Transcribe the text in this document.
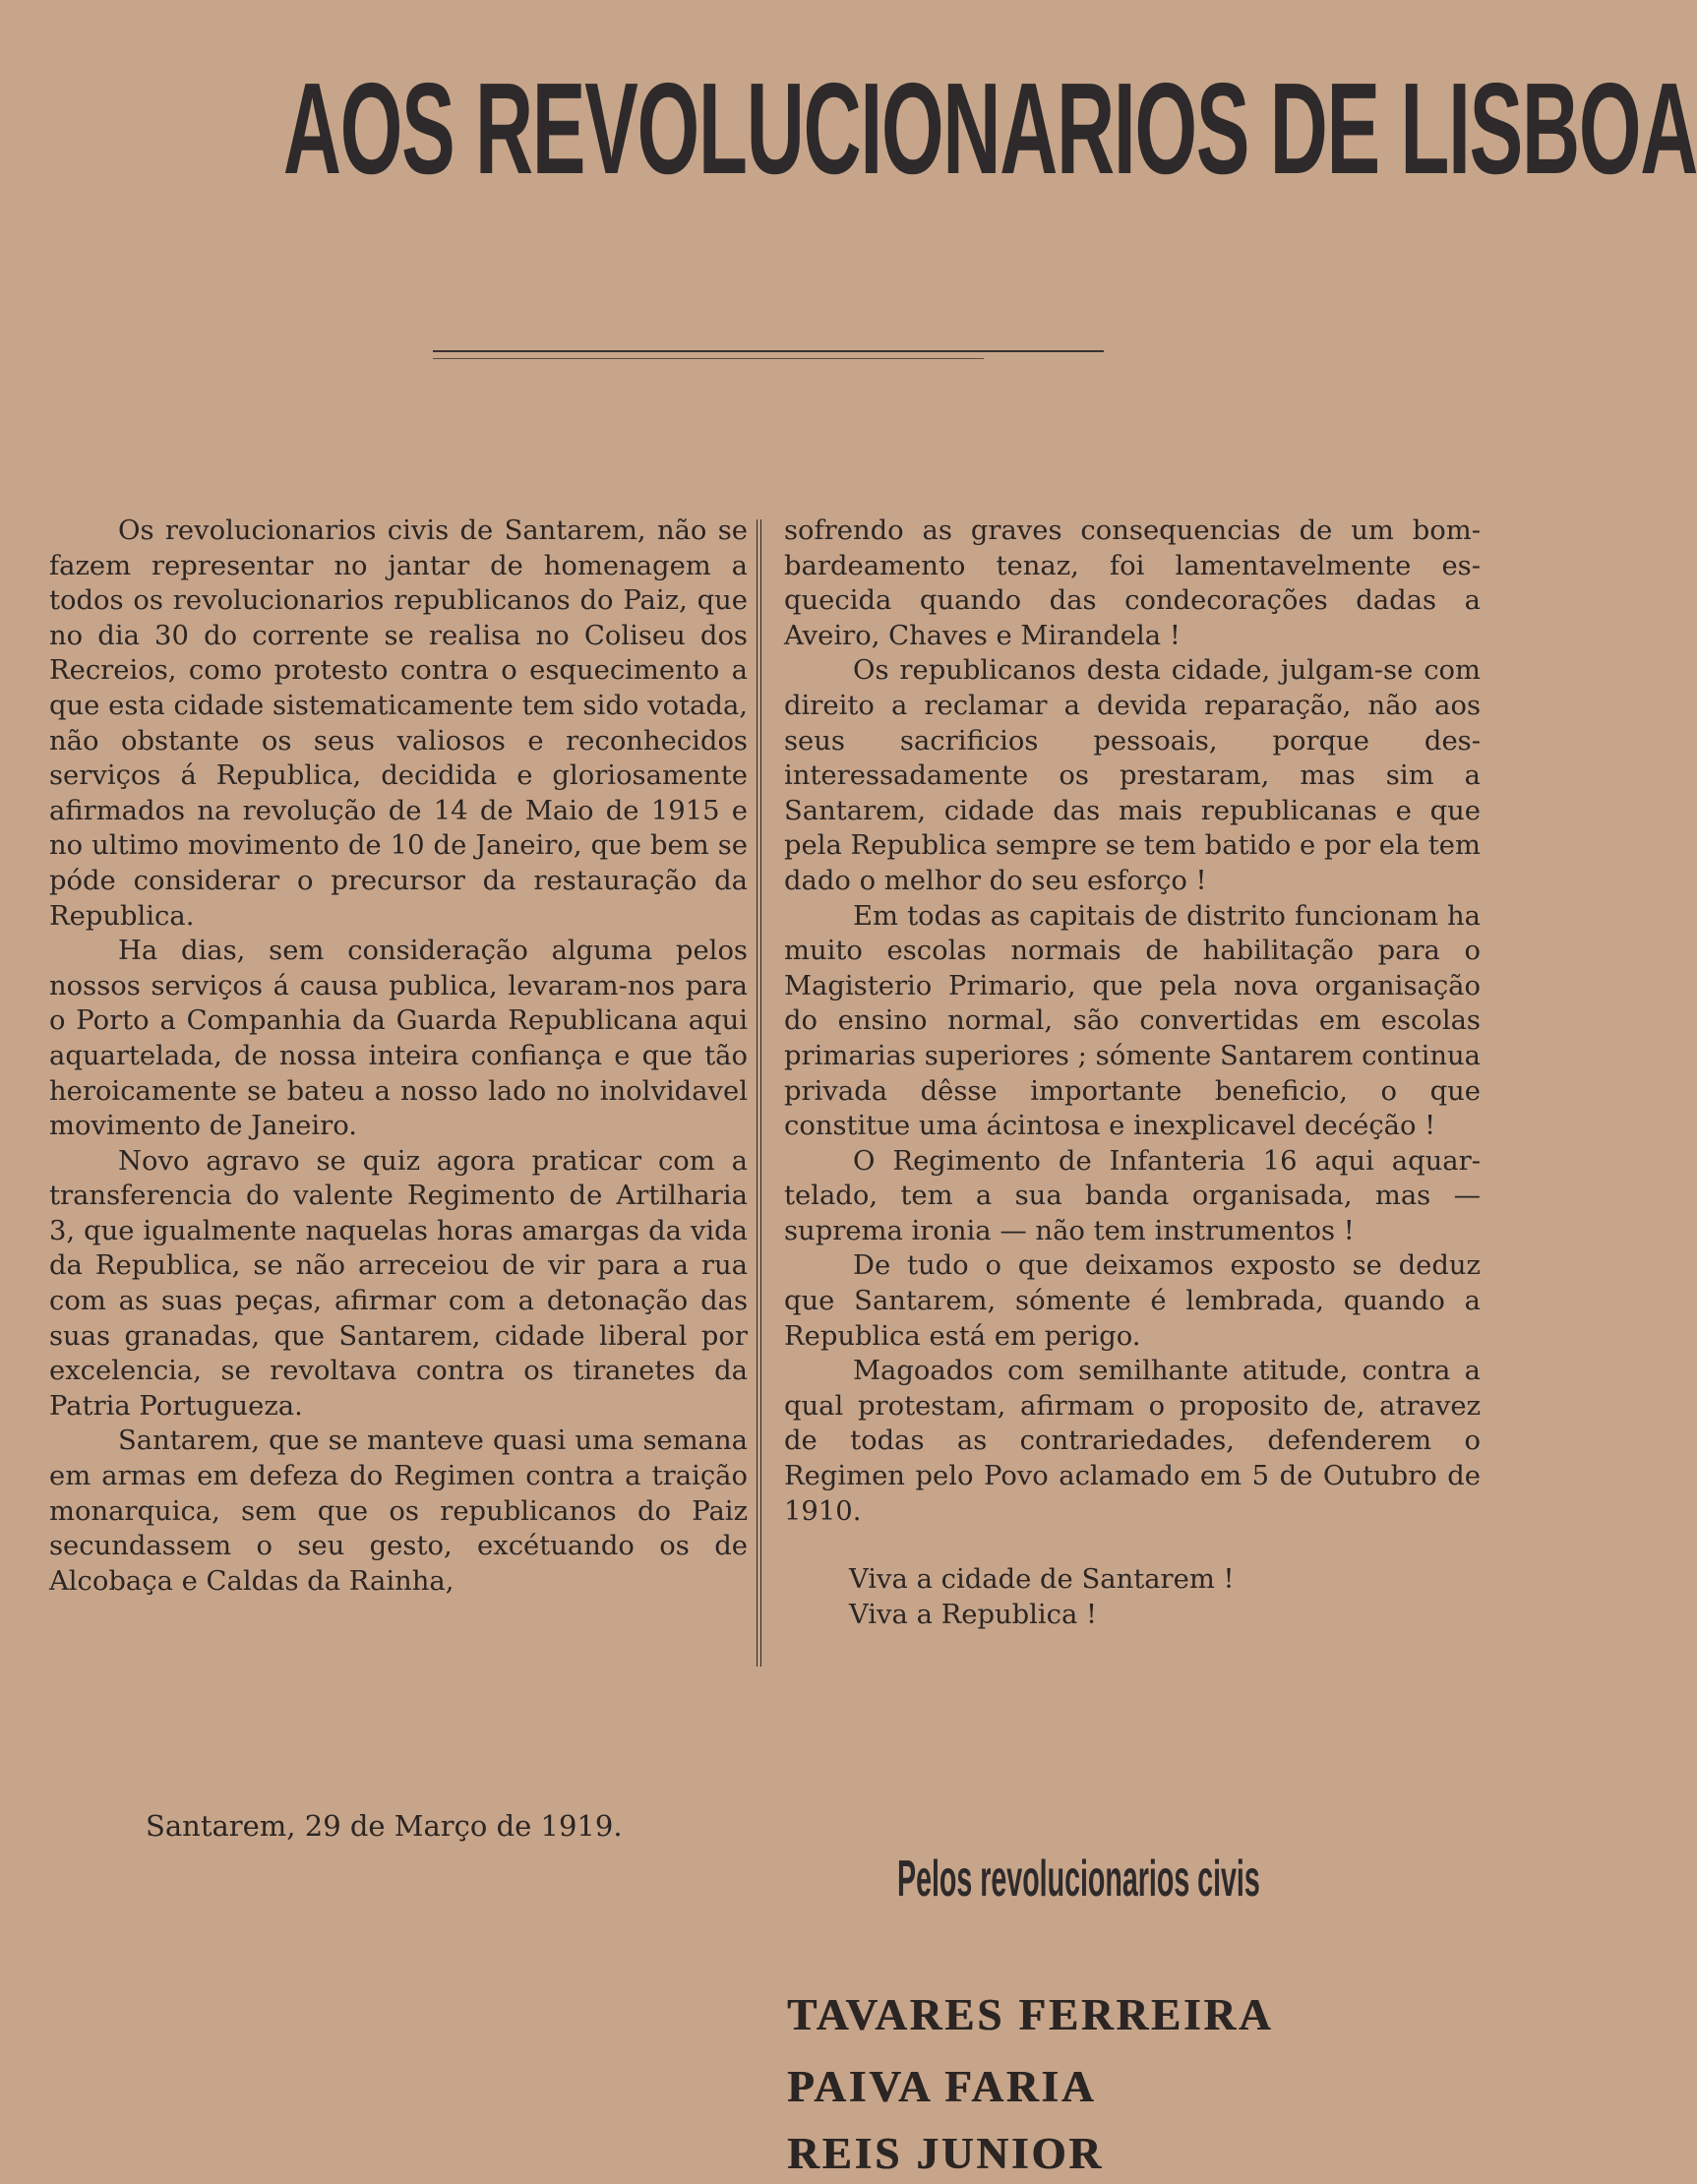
AOS REVOLUCIONARIOS DE LISBOA

Os revolucionarios civis de Santarem, não se fazem representar no jantar de homenagem a todos os revolucionarios republicanos do Paiz, que no dia 30 do corrente se realisa no Coliseu dos Recreios, como protesto contra o esquecimento a que esta cidade sistematicamente tem sido votada, não obstante os seus valiosos e reconhecidos serviços á Republica, decidida e gloriosamente afirmados na revolução de 14 de Maio de 1915 e no ultimo movimento de 10 de Janeiro, que bem se póde considerar o precursor da restauração da Republica.

Ha dias, sem consideração alguma pelos nossos serviços á causa publica, levaram-nos para o Porto a Companhia da Guarda Republicana aqui aquartelada, de nossa inteira confiança e que tão heroicamente se bateu a nosso lado no inolvidavel movimento de Janeiro.

Novo agravo se quiz agora praticar com a transferencia do valente Regimento de Artilharia 3, que igualmente naquelas horas amargas da vida da Republica, se não arreceiou de vir para a rua com as suas peças, afirmar com a detonação das suas granadas, que Santarem, cidade liberal por excelencia, se revoltava contra os tiranetes da Patria Portugueza.

Santarem, que se manteve quasi uma semana em armas em defeza do Regimen contra a traição monarquica, sem que os republicanos do Paiz secundassem o seu gesto, excétuando os de Alcobaça e Caldas da Rainha,

sofrendo as graves consequencias de um bombardeamento tenaz, foi lamentavelmente esquecida quando das condecorações dadas a Aveiro, Chaves e Mirandela !

Os republicanos desta cidade, julgam-se com direito a reclamar a devida reparação, não aos seus sacrificios pessoais, porque desinteressadamente os prestaram, mas sim a Santarem, cidade das mais republicanas e que pela Republica sempre se tem batido e por ela tem dado o melhor do seu esforço !

Em todas as capitais de distrito funcionam ha muito escolas normais de habilitação para o Magisterio Primario, que pela nova organisação do ensino normal, são convertidas em escolas primarias superiores ; sómente Santarem continua privada dêsse importante beneficio, o que constitue uma ácintosa e inexplicavel decéção !

O Regimento de Infanteria 16 aqui aquartelado, tem a sua banda organisada, mas — suprema ironia — não tem instrumentos !

De tudo o que deixamos exposto se deduz que Santarem, sómente é lembrada, quando a Republica está em perigo.

Magoados com semilhante atitude, contra a qual protestam, afirmam o proposito de, atravez de todas as contrariedades, defenderem o Regimen pelo Povo aclamado em 5 de Outubro de 1910.

Viva a cidade de Santarem !

Viva a Republica !

Santarem, 29 de Março de 1919.
Pelos revolucionarios civis
TAVARES FERREIRA
PAIVA FARIA
REIS JUNIOR
